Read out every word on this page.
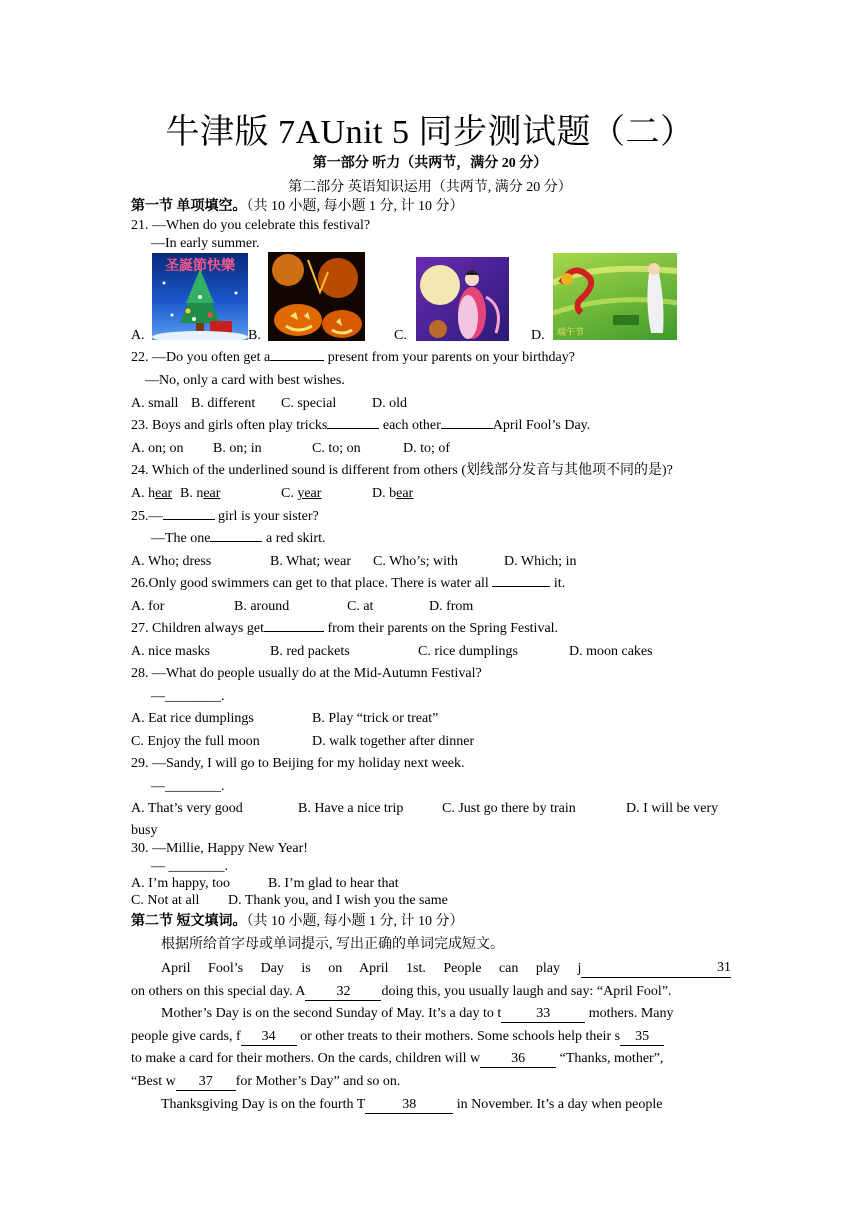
牛津版 7AUnit 5 同步测试题（二）
第一部分 听力（共两节，满分 20 分）
第二部分 英语知识运用（共两节, 满分 20 分）
第一节 单项填空。（共 10 小题, 每小题 1 分, 计 10 分）
21. —When do you celebrate this festival?
—In early summer.
圣誕節快樂
端午节
A.	B.	C.	D.
22. —Do you often get a	present from your parents on your birthday?
—No, only a card with best wishes.
A. small B. different C. special	D. old
23. Boys and girls often play tricks	each other	April Fool’s Day.
A. on; on B. on; in	C. to; on	D. to; of
24. Which of the underlined sound is different from others (划线部分发音与其他项不同的是)?
A. hear B. near	C. year	D. bear
25.—	girl is your sister?
—The one	a red skirt.
A. Who; dress	B. What; wear C. Who’s; with	D. Which; in
26.Only good swimmers can get to that place. There is water all	it.
A. for	B. around	C. at	D. from
27. Children always get	from their parents on the Spring Festival.
A. nice masks	B. red packets	C. rice dumplings	D. moon cakes
28. —What do people usually do at the Mid-Autumn Festival?
—________.
A. Eat rice dumplings	B. Play “trick or treat”
C. Enjoy the full moon	D. walk together after dinner
29. —Sandy, I will go to Beijing for my holiday next week.
—________.
A. That’s very good	B. Have a nice trip	C. Just go there by train	D. I will be very
busy
30. —Millie, Happy New Year!
— ________.
A. I’m happy, too	B. I’m glad to hear that
C. Not at all D. Thank you, and I wish you the same
第二节 短文填词。（共 10 小题, 每小题 1 分, 计 10 分）
根据所给首字母或单词提示, 写出正确的单词完成短文。
April Fool’s Day is on April 1st. People can play j	31
on others on this special day. A 32 doing this, you usually laugh and say: “April Fool”.
Mother’s Day is on the second Sunday of May. It’s a day to t	33	mothers. Many
people give cards, f 34 or other treats to their mothers. Some schools help their s 35
to make a card for their mothers. On the cards, children will w 36 “Thanks, mother”,
“Best w 37 for Mother’s Day” and so on.
Thanksgiving Day is on the fourth T	38	in November. It’s a day when people
